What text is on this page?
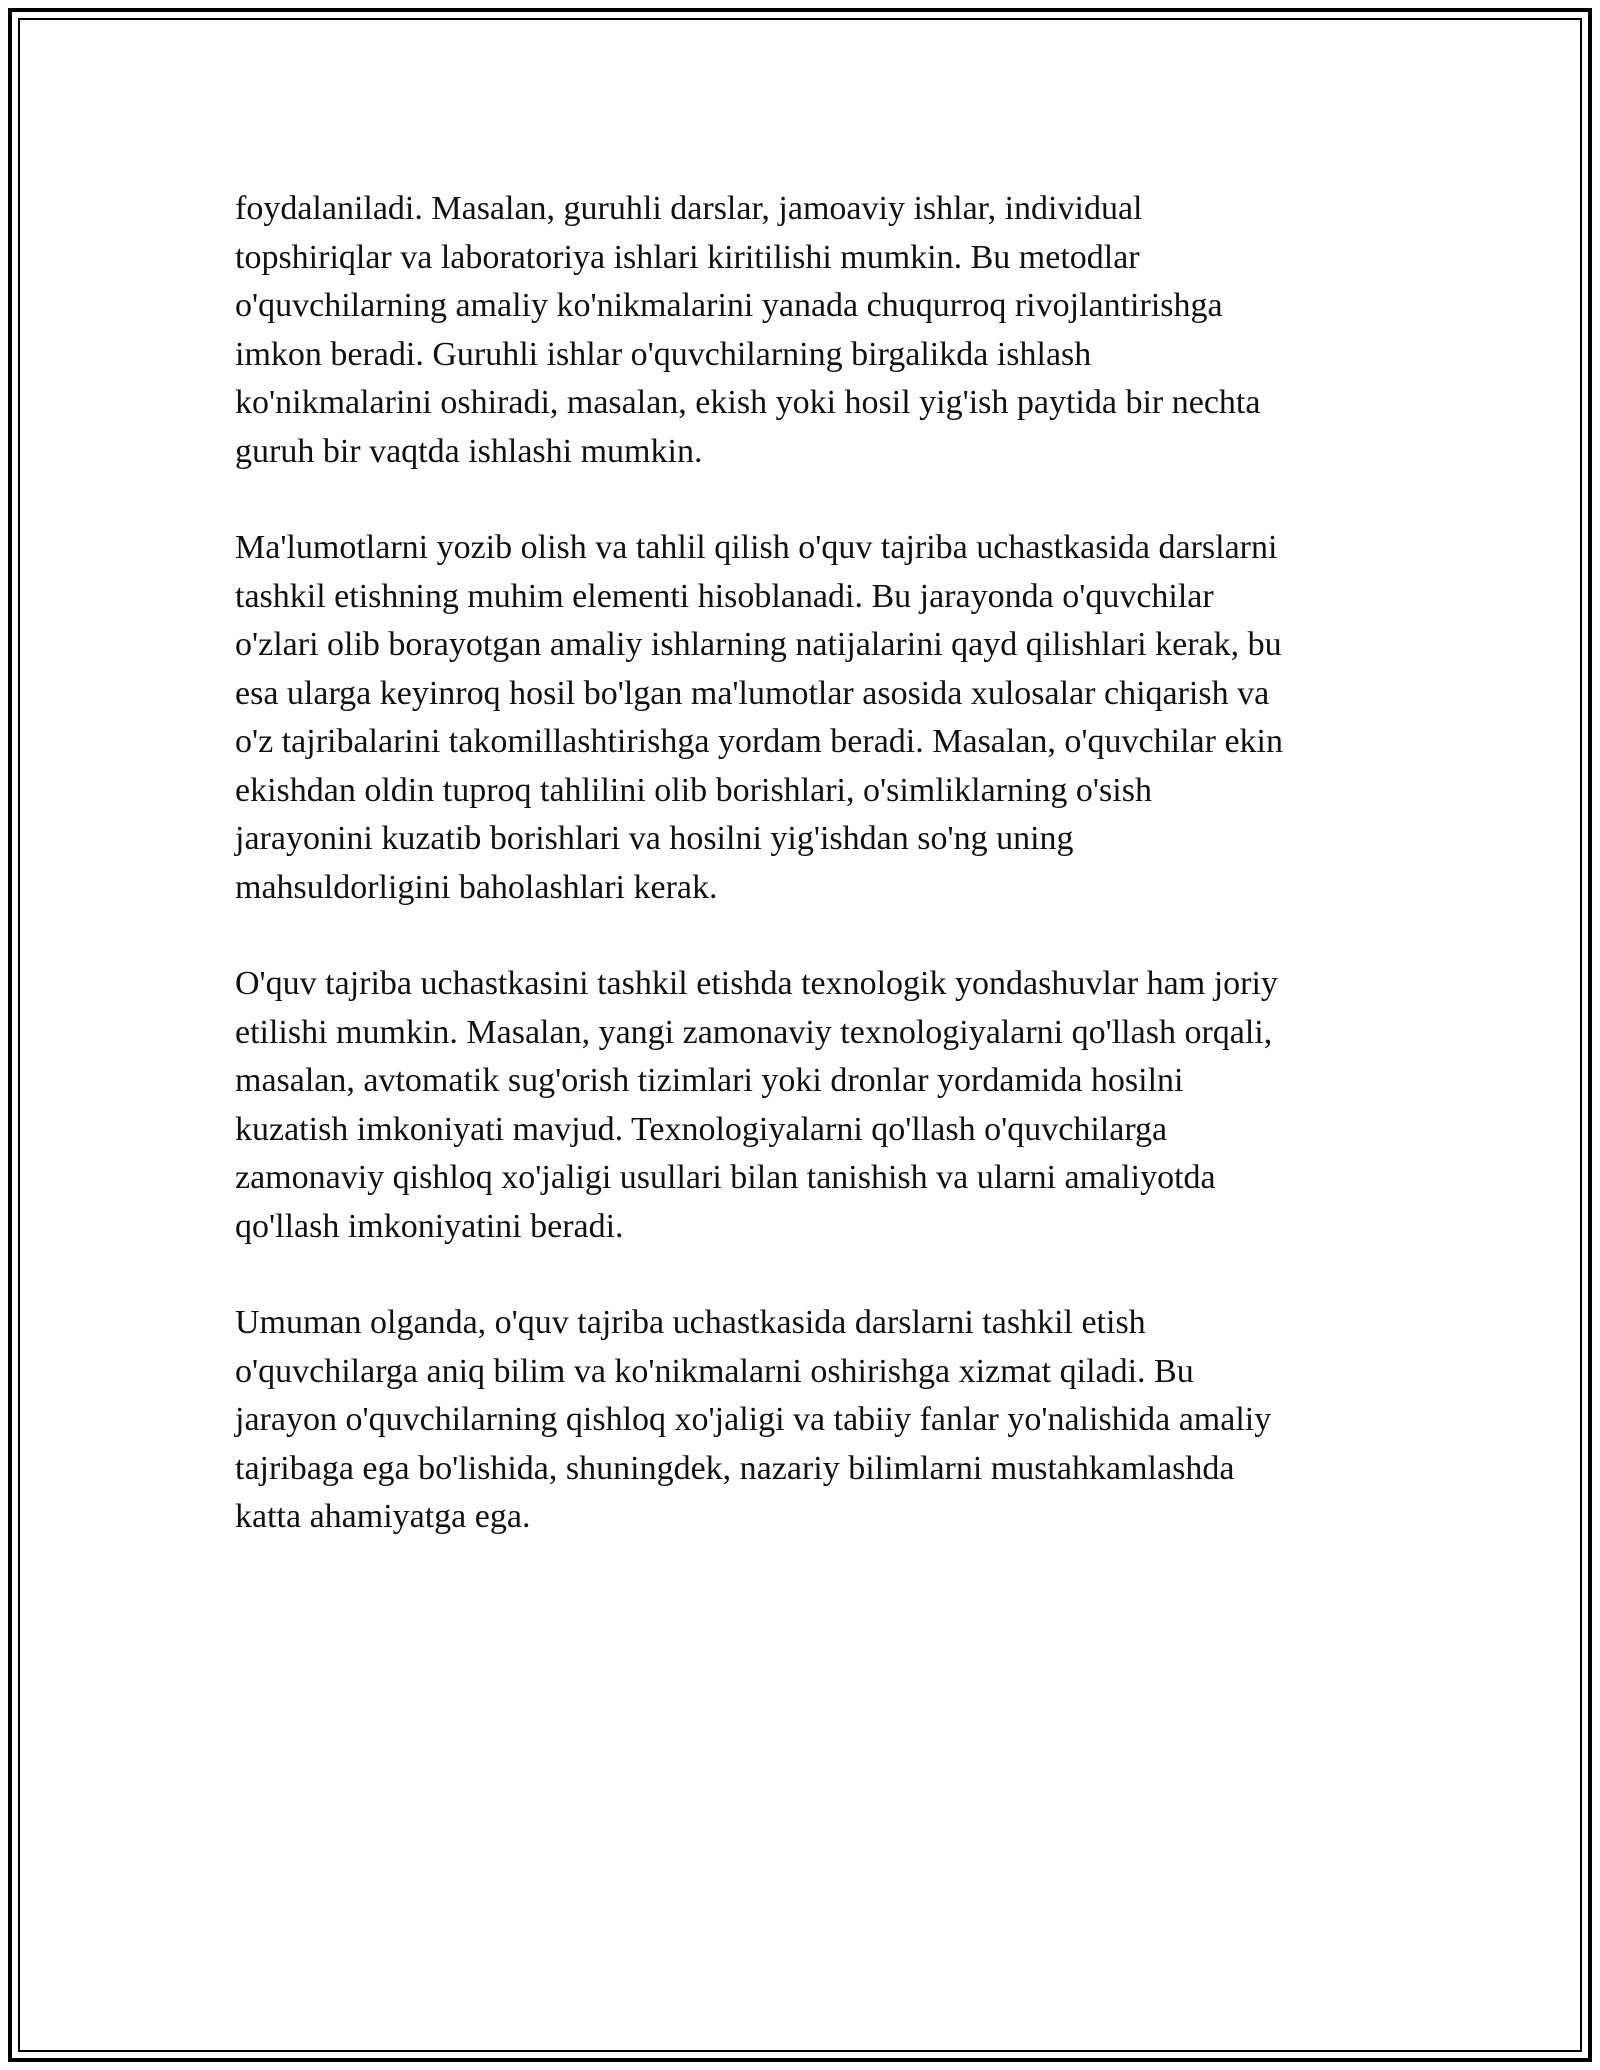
foydalaniladi. Masalan, guruhli darslar, jamoaviy ishlar, individual
topshiriqlar va laboratoriya ishlari kiritilishi mumkin. Bu metodlar
o'quvchilarning amaliy ko'nikmalarini yanada chuqurroq rivojlantirishga
imkon beradi. Guruhli ishlar o'quvchilarning birgalikda ishlash
ko'nikmalarini oshiradi, masalan, ekish yoki hosil yig'ish paytida bir nechta
guruh bir vaqtda ishlashi mumkin.

Ma'lumotlarni yozib olish va tahlil qilish o'quv tajriba uchastkasida darslarni
tashkil etishning muhim elementi hisoblanadi. Bu jarayonda o'quvchilar
o'zlari olib borayotgan amaliy ishlarning natijalarini qayd qilishlari kerak, bu
esa ularga keyinroq hosil bo'lgan ma'lumotlar asosida xulosalar chiqarish va
o'z tajribalarini takomillashtirishga yordam beradi. Masalan, o'quvchilar ekin
ekishdan oldin tuproq tahlilini olib borishlari, o'simliklarning o'sish
jarayonini kuzatib borishlari va hosilni yig'ishdan so'ng uning
mahsuldorligini baholashlari kerak.

O'quv tajriba uchastkasini tashkil etishda texnologik yondashuvlar ham joriy
etilishi mumkin. Masalan, yangi zamonaviy texnologiyalarni qo'llash orqali,
masalan, avtomatik sug'orish tizimlari yoki dronlar yordamida hosilni
kuzatish imkoniyati mavjud. Texnologiyalarni qo'llash o'quvchilarga
zamonaviy qishloq xo'jaligi usullari bilan tanishish va ularni amaliyotda
qo'llash imkoniyatini beradi.

Umuman olganda, o'quv tajriba uchastkasida darslarni tashkil etish
o'quvchilarga aniq bilim va ko'nikmalarni oshirishga xizmat qiladi. Bu
jarayon o'quvchilarning qishloq xo'jaligi va tabiiy fanlar yo'nalishida amaliy
tajribaga ega bo'lishida, shuningdek, nazariy bilimlarni mustahkamlashda
katta ahamiyatga ega.
